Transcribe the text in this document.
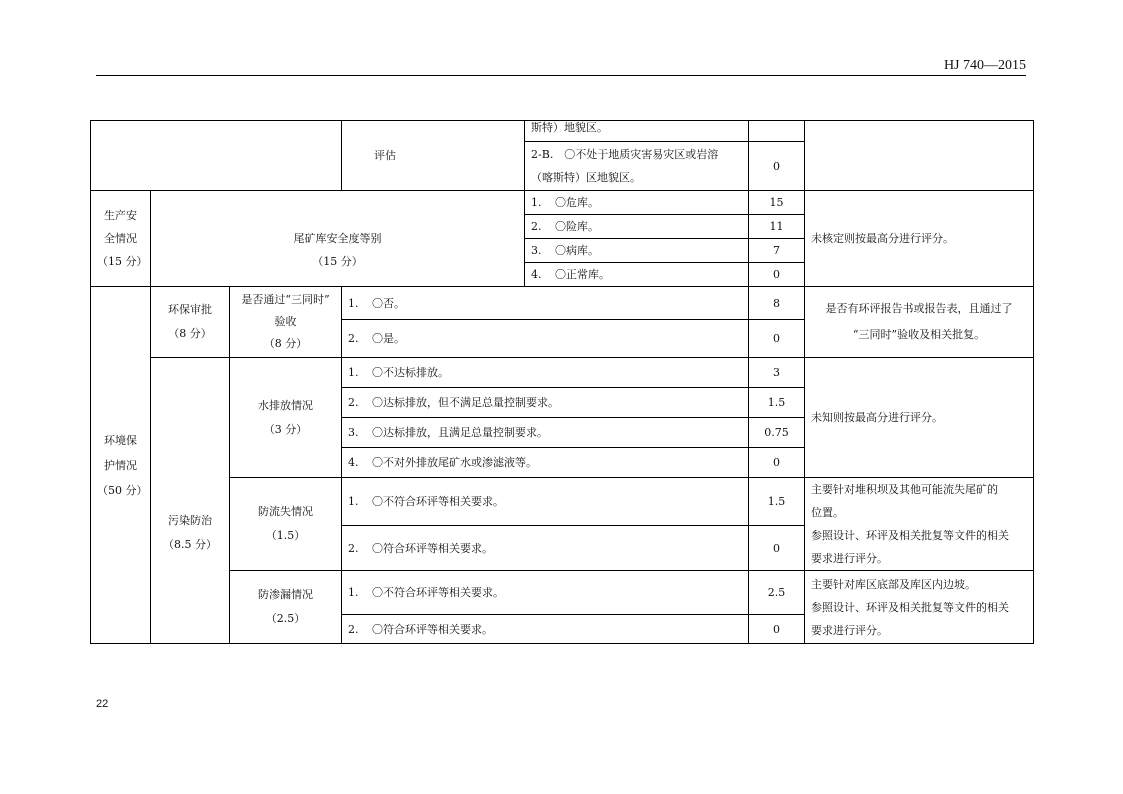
HJ 740—2015
			评估	斯特）地貌区。		

				2-B.　〇不处于地质灾害易灾区或岩溶
（喀斯特）区地貌区。	0	

生产安
全情况
（15 分）	尾矿库安全度等别
（15 分）			1. 〇危库。	15	未核定则按最高分进行评分。
				2. 〇险库。	11	
				3. 〇病库。	7	
				4. 〇正常库。	0	

环境保
护情况
（50 分）	环保审批
（8 分）	是否通过“三同时”
验收
（8 分）	1. 〇否。		8	是否有环评报告书或报告表，且通过了
“三同时”验收及相关批复。

			2. 〇是。		0	

	污染防治
（8.5 分）	水排放情况
（3 分）	1. 〇不达标排放。		3	未知则按最高分进行评分。
			2. 〇达标排放，但不满足总量控制要求。		1.5	
			3. 〇达标排放，且满足总量控制要求。		0.75	
			4. 〇不对外排放尾矿水或渗滤液等。		0	

		防流失情况
（1.5）	1. 〇不符合环评等相关要求。		1.5	主要针对堆积坝及其他可能流失尾矿的
位置。
参照设计、环评及相关批复等文件的相关
要求进行评分。

			2. 〇符合环评等相关要求。		0	

		防渗漏情况
（2.5）	1. 〇不符合环评等相关要求。		2.5	主要针对库区底部及库区内边坡。
参照设计、环评及相关批复等文件的相关
要求进行评分。

			2. 〇符合环评等相关要求。		0	
22
